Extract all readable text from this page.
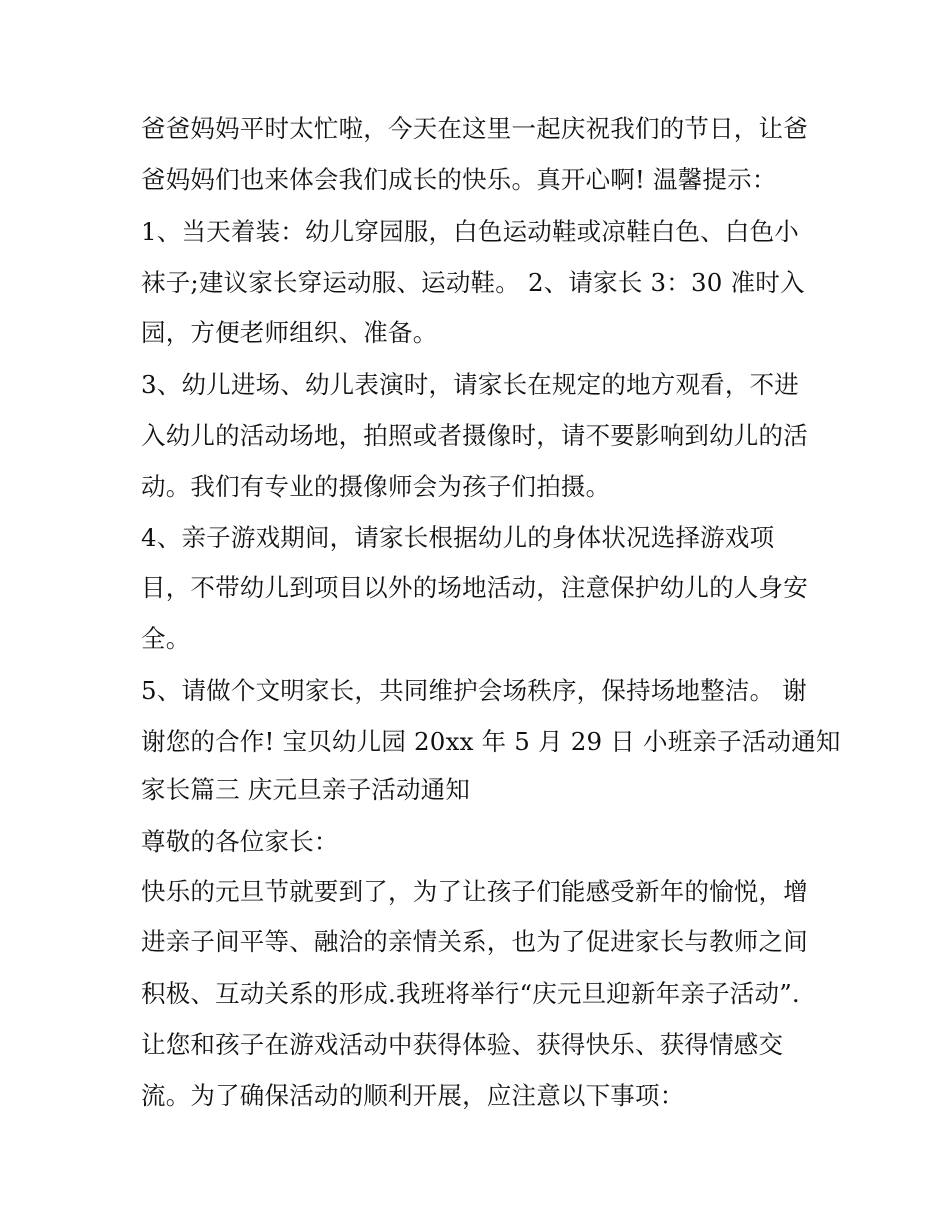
爸爸妈妈平时太忙啦，今天在这里一起庆祝我们的节日，让爸
爸妈妈们也来体会我们成长的快乐。真开心啊! 温馨提示：
1、当天着装：幼儿穿园服，白色运动鞋或凉鞋白色、白色小
袜子;建议家长穿运动服、运动鞋。 2、请家长 3：30 准时入
园，方便老师组织、准备。
3、幼儿进场、幼儿表演时，请家长在规定的地方观看，不进
入幼儿的活动场地，拍照或者摄像时，请不要影响到幼儿的活
动。我们有专业的摄像师会为孩子们拍摄。
4、亲子游戏期间，请家长根据幼儿的身体状况选择游戏项
目，不带幼儿到项目以外的场地活动，注意保护幼儿的人身安
全。
5、请做个文明家长，共同维护会场秩序，保持场地整洁。 谢
谢您的合作! 宝贝幼儿园 20xx 年 5 月 29 日 小班亲子活动通知
家长篇三 庆元旦亲子活动通知
尊敬的各位家长：
快乐的元旦节就要到了，为了让孩子们能感受新年的愉悦，增
进亲子间平等、融洽的亲情关系，也为了促进家长与教师之间
积极、互动关系的形成.我班将举行“庆元旦迎新年亲子活动”.
让您和孩子在游戏活动中获得体验、获得快乐、获得情感交
流。为了确保活动的顺利开展，应注意以下事项：
